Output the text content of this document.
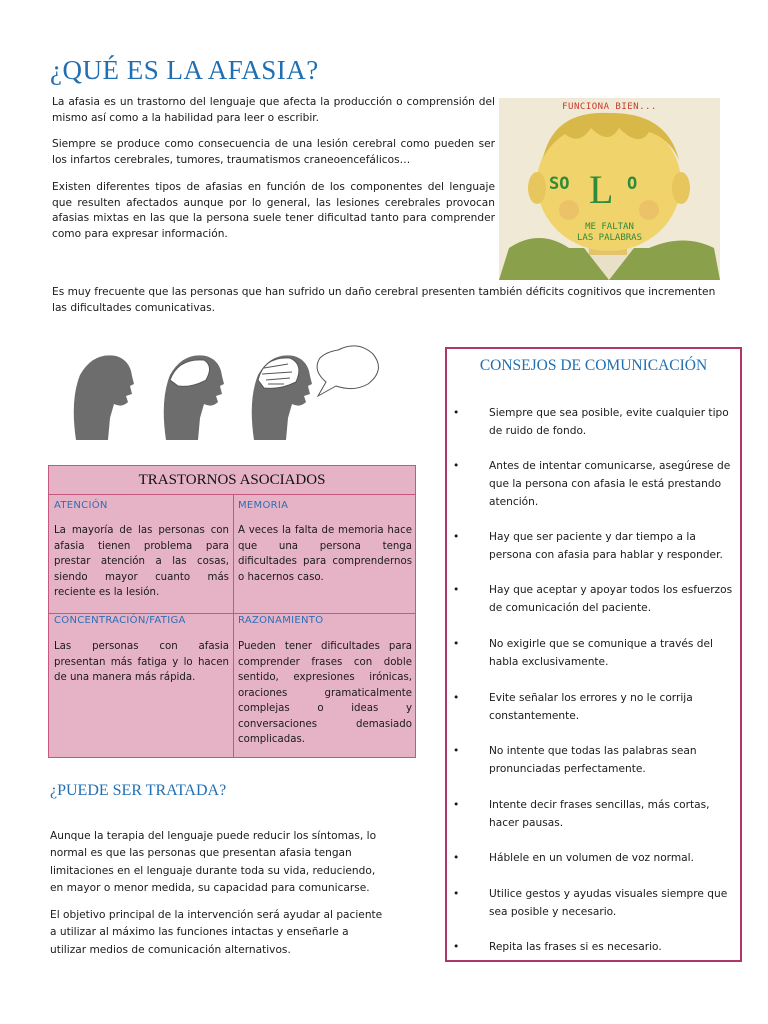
¿QUÉ ES LA AFASIA?

La afasia es un trastorno del lenguaje que afecta la producción o comprensión del mismo así como a la habilidad para leer o escribir.

Siempre se produce como consecuencia de una lesión cerebral como pueden ser los infartos cerebrales, tumores, traumatismos craneoencefálicos…

Existen diferentes tipos de afasias en función de los componentes del lenguaje que resulten afectados aunque por lo general, las lesiones cerebrales provocan afasias mixtas en las que la persona suele tener dificultad tanto para comprender como para expresar información.

FUNCIONA BIEN...
SO L O
ME FALTAN
LAS PALABRAS

Es muy frecuente que las personas que han sufrido un daño cerebral presenten también déficits cognitivos que incrementen las dificultades comunicativas.

TRASTORNOS ASOCIADOS
ATENCIÓN

La mayoría de las personas con afasia tienen problema para prestar atención a las cosas, siendo mayor cuanto más reciente es la lesión.

MEMORIA

A veces la falta de memoria hace que una persona tenga dificultades para comprendernos o hacernos caso.

CONCENTRACIÓN/FATIGA

Las personas con afasia presentan más fatiga y lo hacen de una manera más rápida.

RAZONAMIENTO

Pueden tener dificultades para comprender frases con doble sentido, expresiones irónicas, oraciones gramaticalmente complejas o ideas y conversaciones demasiado complicadas.

¿PUEDE SER TRATADA?

Aunque la terapia del lenguaje puede reducir los síntomas, lo normal es que las personas que presentan afasia tengan limitaciones en el lenguaje durante toda su vida, reduciendo, en mayor o menor medida, su capacidad para comunicarse.

El objetivo principal de la intervención será ayudar al paciente a utilizar al máximo las funciones intactas y enseñarle a utilizar medios de comunicación alternativos.

CONSEJOS DE COMUNICACIÓN
•	Siempre que sea posible, evite cualquier tipo de ruido de fondo.
•	Antes de intentar comunicarse, asegúrese de que la persona con afasia le está prestando atención.
•	Hay que ser paciente y dar tiempo a la persona con afasia para hablar y responder.
•	Hay que aceptar y apoyar todos los esfuerzos de comunicación del paciente.
•	No exigirle que se comunique a través del habla exclusivamente.
•	Evite señalar los errores y no le corrija constantemente.
•	No intente que todas las palabras sean pronunciadas perfectamente.
•	Intente decir frases sencillas, más cortas, hacer pausas.
•	Háblele en un volumen de voz normal.
•	Utilice gestos y ayudas visuales siempre que sea posible y necesario.
•	Repita las frases si es necesario.
